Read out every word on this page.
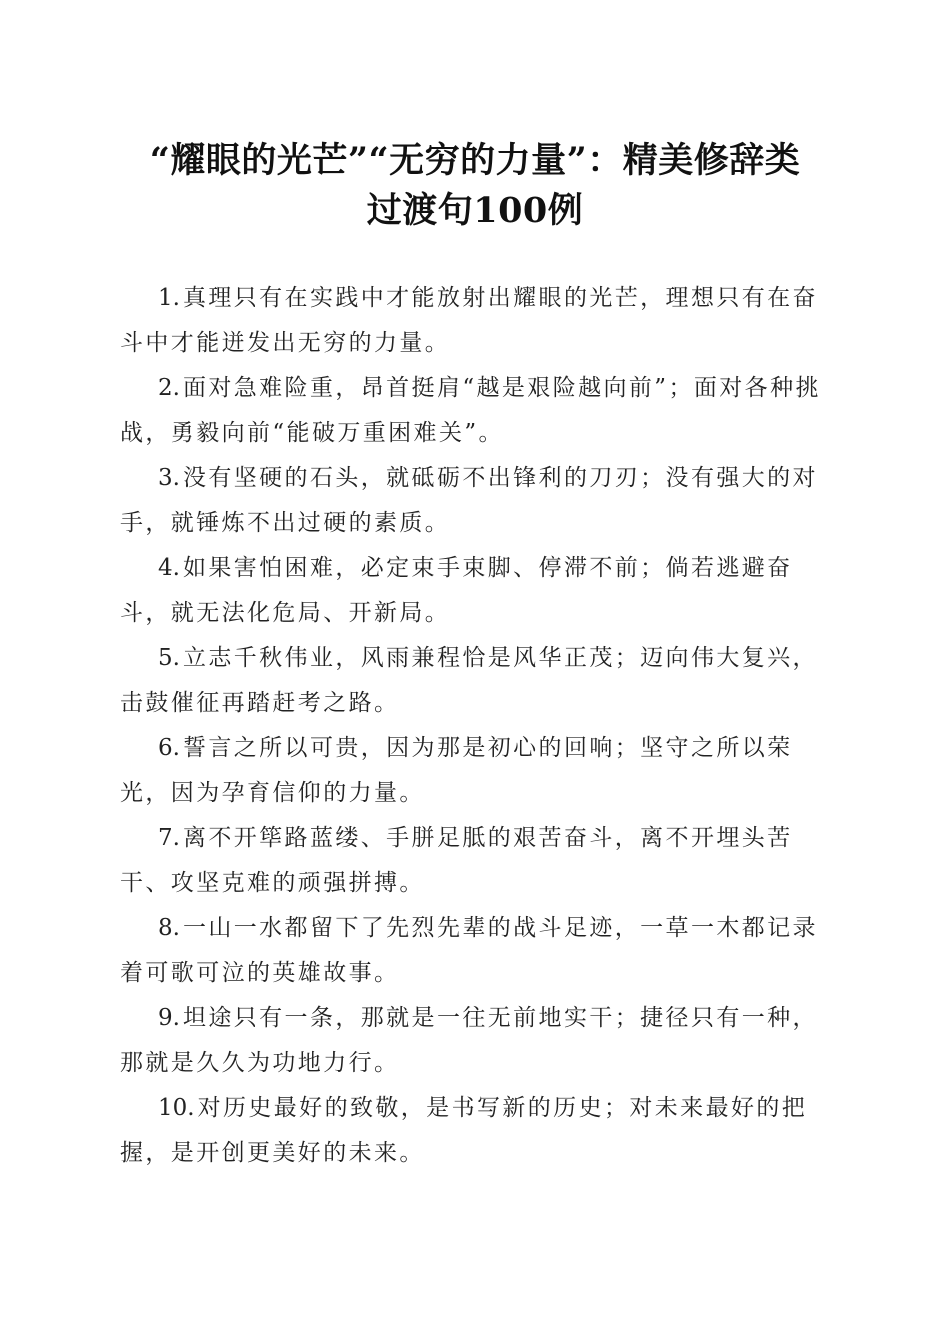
“耀眼的光芒”“无穷的力量”：精美修辞类
过渡句100例

1. 真理只有在实践中才能放射出耀眼的光芒，理想只有在奋斗中才能迸发出无穷的力量。

2. 面对急难险重，昂首挺肩“越是艰险越向前”；面对各种挑战，勇毅向前“能破万重困难关”。

3. 没有坚硬的石头，就砥砺不出锋利的刀刃；没有强大的对手，就锤炼不出过硬的素质。

4. 如果害怕困难，必定束手束脚、停滞不前；倘若逃避奋斗，就无法化危局、开新局。

5. 立志千秋伟业，风雨兼程恰是风华正茂；迈向伟大复兴，击鼓催征再踏赶考之路。

6. 誓言之所以可贵，因为那是初心的回响；坚守之所以荣光，因为孕育信仰的力量。

7. 离不开筚路蓝缕、手胼足胝的艰苦奋斗，离不开埋头苦干、攻坚克难的顽强拼搏。

8. 一山一水都留下了先烈先辈的战斗足迹，一草一木都记录着可歌可泣的英雄故事。

9. 坦途只有一条，那就是一往无前地实干；捷径只有一种，那就是久久为功地力行。

10. 对历史最好的致敬，是书写新的历史；对未来最好的把握，是开创更美好的未来。
